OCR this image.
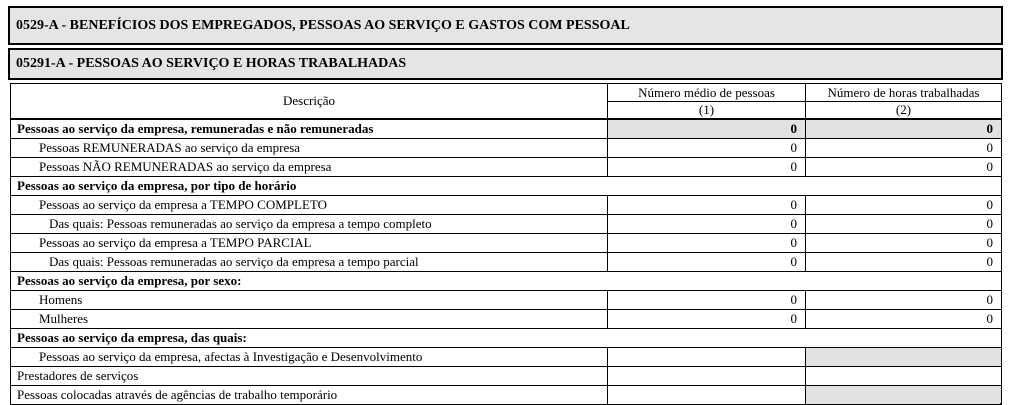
0529-A - BENEFÍCIOS DOS EMPREGADOS, PESSOAS AO SERVIÇO E GASTOS COM PESSOAL
05291-A - PESSOAS AO SERVIÇO E HORAS TRABALHADAS
Descrição	Número médio de pessoas	Número de horas trabalhadas
	(1)	(2)
Pessoas ao serviço da empresa, remuneradas e não remuneradas	0	0
Pessoas REMUNERADAS ao serviço da empresa	0	0
Pessoas NÃO REMUNERADAS ao serviço da empresa	0	0
Pessoas ao serviço da empresa, por tipo de horário		
Pessoas ao serviço da empresa a TEMPO COMPLETO	0	0
Das quais: Pessoas remuneradas ao serviço da empresa a tempo completo	0	0
Pessoas ao serviço da empresa a TEMPO PARCIAL	0	0
Das quais: Pessoas remuneradas ao serviço da empresa a tempo parcial	0	0
Pessoas ao serviço da empresa, por sexo:		
Homens	0	0
Mulheres	0	0
Pessoas ao serviço da empresa, das quais:		
Pessoas ao serviço da empresa, afectas à Investigação e Desenvolvimento		
Prestadores de serviços		
Pessoas colocadas através de agências de trabalho temporário		
